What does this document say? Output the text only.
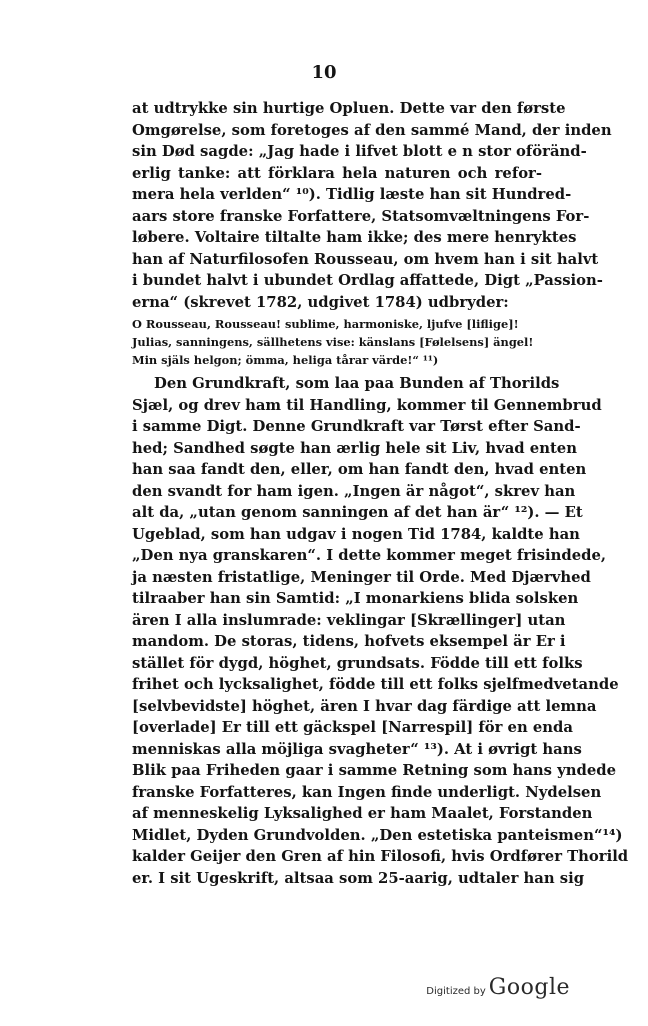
10
at udtrykke sin hurtige Opluen. Dette var den første
Omgørelse, som foretoges af den sammé Mand, der inden
sin Død sagde: „Jag hade i lifvet blott e n stor oföränd-
erlig tanke: att förklara hela naturen och refor-
mera hela verlden“ ¹⁰). Tidlig læste han sit Hundred-
aars store franske Forfattere, Statsomvæltningens For-
løbere. Voltaire tiltalte ham ikke; des mere henryktes
han af Naturfilosofen Rousseau, om hvem han i sit halvt
i bundet halvt i ubundet Ordlag affattede, Digt „Passion-
erna“ (skrevet 1782, udgivet 1784) udbryder:
O Rousseau, Rousseau! sublime, harmoniske, ljufve [liflige]!
Julias, sanningens, sällhetens vise: känslans [Følelsens] ängel!
Min själs helgon; ömma, heliga tårar värde!“ ¹¹)
Den Grundkraft, som laa paa Bunden af Thorilds
Sjæl, og drev ham til Handling, kommer til Gennembrud
i samme Digt. Denne Grundkraft var Tørst efter Sand-
hed; Sandhed søgte han ærlig hele sit Liv, hvad enten
han saa fandt den, eller, om han fandt den, hvad enten
den svandt for ham igen. „Ingen är något“, skrev han
alt da, „utan genom sanningen af det han är“ ¹²). — Et
Ugeblad, som han udgav i nogen Tid 1784, kaldte han
„Den nya granskaren“. I dette kommer meget frisindede,
ja næsten fristatlige, Meninger til Orde. Med Djærvhed
tilraaber han sin Samtid: „I monarkiens blida solsken
ären I alla inslumrade: veklingar [Skrællinger] utan
mandom. De storas, tidens, hofvets eksempel är Er i
stället för dygd, höghet, grundsats. Födde till ett folks
frihet och lycksalighet, födde till ett folks sjelfmedvetande
[selvbevidste] höghet, ären I hvar dag färdige att lemna
[overlade] Er till ett gäckspel [Narrespil] för en enda
menniskas alla möjliga svagheter“ ¹³). At i øvrigt hans
Blik paa Friheden gaar i samme Retning som hans yndede
franske Forfatteres, kan Ingen finde underligt. Nydelsen
af menneskelig Lyksalighed er ham Maalet, Forstanden
Midlet, Dyden Grundvolden. „Den estetiska panteismen“¹⁴)
kalder Geijer den Gren af hin Filosofi, hvis Ordfører Thorild
er. I sit Ugeskrift, altsaa som 25-aarig, udtaler han sig
Digitized by Google
